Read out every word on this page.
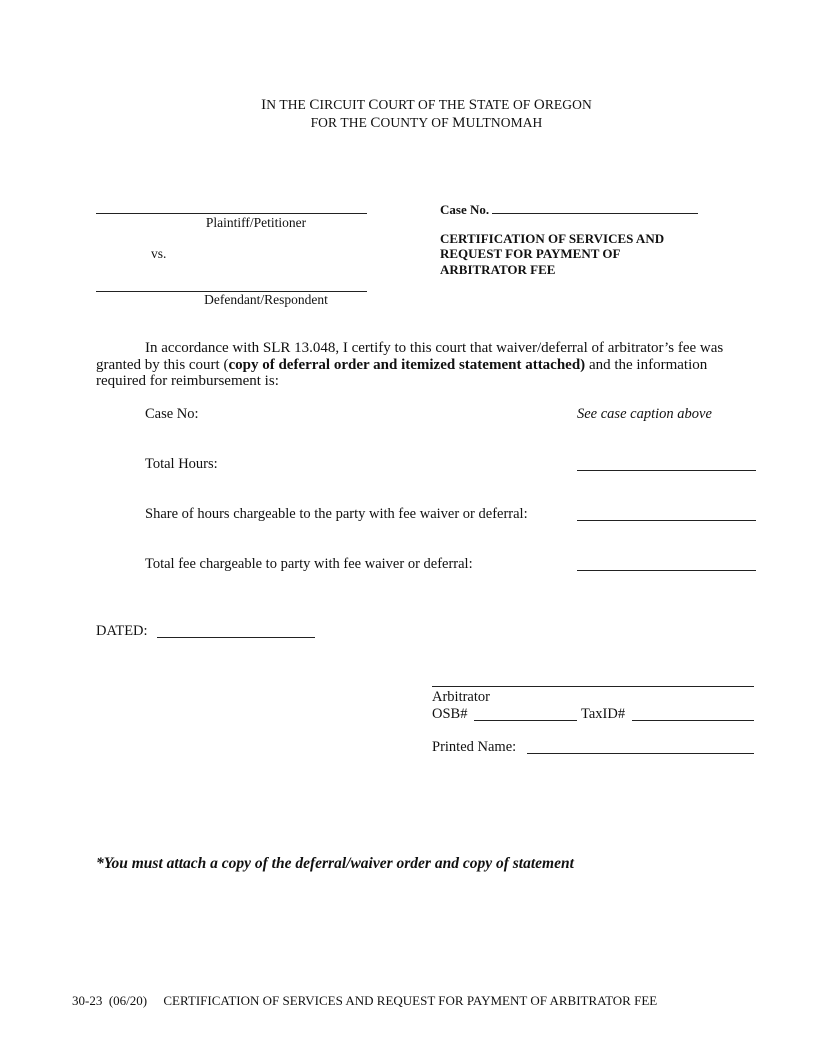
IN THE CIRCUIT COURT OF THE STATE OF OREGON
FOR THE COUNTY OF MULTNOMAH
Plaintiff/Petitioner
vs.
Defendant/Respondent
Case No.
CERTIFICATION OF SERVICES AND
REQUEST FOR PAYMENT OF
ARBITRATOR FEE
In accordance with SLR 13.048, I certify to this court that waiver/deferral of arbitrator’s fee was granted by this court (copy of deferral order and itemized statement attached) and the information required for reimbursement is:
Case No:	See case caption above
Total Hours:
Share of hours chargeable to the party with fee waiver or deferral:
Total fee chargeable to party with fee waiver or deferral:
DATED:
Arbitrator
OSB#	TaxID#
Printed Name:
*You must attach a copy of the deferral/waiver order and copy of statement
30-23 (06/20) CERTIFICATION OF SERVICES AND REQUEST FOR PAYMENT OF ARBITRATOR FEE
